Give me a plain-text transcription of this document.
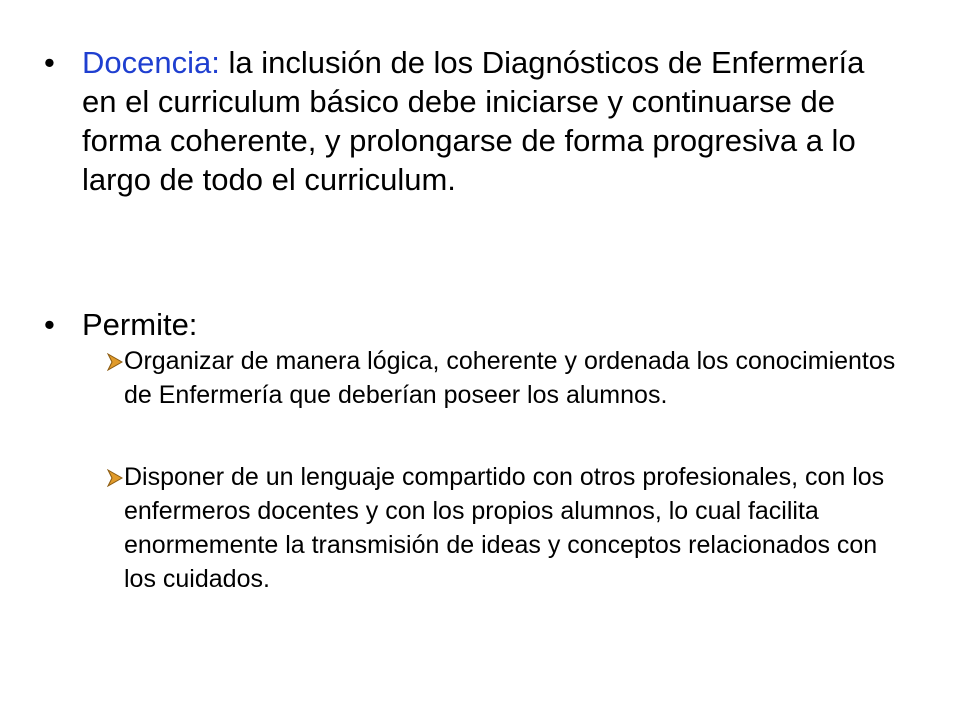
• Docencia: la inclusión de los Diagnósticos de Enfermería en el curriculum básico debe iniciarse y continuarse de forma coherente, y prolongarse de forma progresiva a lo largo de todo el curriculum.
• Permite:
Organizar de manera lógica, coherente y ordenada los conocimientos de Enfermería que deberían poseer los alumnos.
Disponer de un lenguaje compartido con otros profesionales, con los enfermeros docentes y con los propios alumnos, lo cual facilita enormemente la transmisión de ideas y conceptos relacionados con los cuidados.
